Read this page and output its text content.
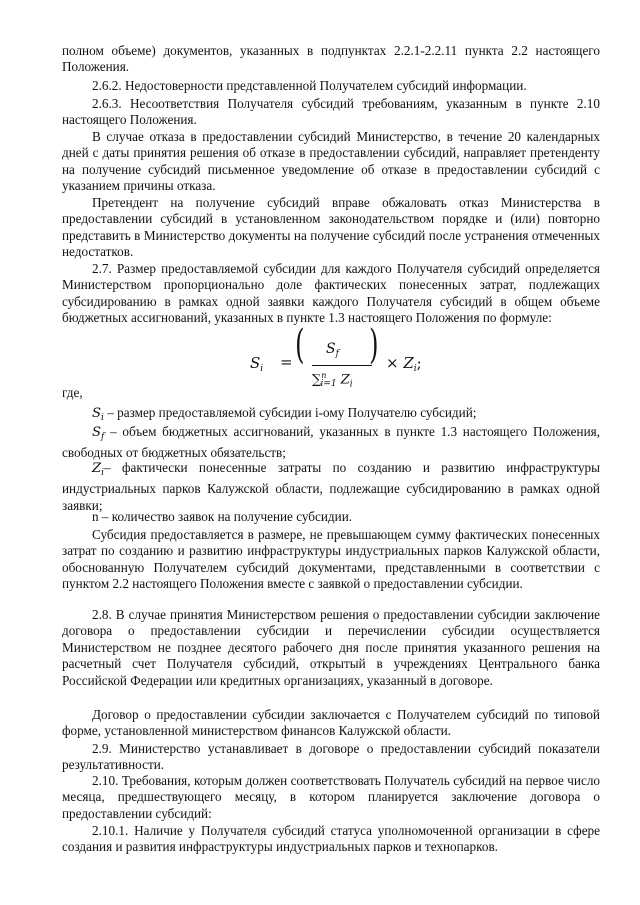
полном объеме) документов, указанных в подпунктах 2.2.1-2.2.11 пункта 2.2 настоящего Положения.

2.6.2. Недостоверности представленной Получателем субсидий информации.

2.6.3. Несоответствия Получателя субсидий требованиям, указанным в пункте 2.10 настоящего Положения.

В случае отказа в предоставлении субсидий Министерство, в течение 20 календарных дней с даты принятия решения об отказе в предоставлении субсидий, направляет претенденту на получение субсидий письменное уведомление об отказе в предоставлении субсидий с указанием причины отказа.

Претендент на получение субсидий вправе обжаловать отказ Министерства в предоставлении субсидий в установленном законодательством порядке и (или) повторно представить в Министерство документы на получение субсидий после устранения отмеченных недостатков.

2.7. Размер предоставляемой субсидии для каждого Получателя субсидий определяется Министерством пропорционально доле фактических понесенных затрат, подлежащих субсидированию в рамках одной заявки каждого Получателя субсидий в общем объеме бюджетных ассигнований, указанных в пункте 1.3 настоящего Положения по формуле:

$S_i$ = ( $S_f$
∑$^n_{i=1}$ $Z_i$
) × $Z_i$;

где,

$S_i$ – размер предоставляемой субсидии i-ому Получателю субсидий;

$S_f$ – объем бюджетных ассигнований, указанных в пункте 1.3 настоящего Положения, свободных от бюджетных обязательств;

$Z_i-$ фактически понесенные затраты по созданию и развитию инфраструктуры индустриальных парков Калужской области, подлежащие субсидированию в рамках одной заявки;

n – количество заявок на получение субсидии.

Субсидия предоставляется в размере, не превышающем сумму фактических понесенных затрат по созданию и развитию инфраструктуры индустриальных парков Калужской области, обоснованную Получателем субсидий документами, представленными в соответствии с пунктом 2.2 настоящего Положения вместе с заявкой о предоставлении субсидии.

2.8. В случае принятия Министерством решения о предоставлении субсидии заключение договора о предоставлении субсидии и перечислении субсидии осуществляется Министерством не позднее десятого рабочего дня после принятия указанного решения на расчетный счет Получателя субсидий, открытый в учреждениях Центрального банка Российской Федерации или кредитных организациях, указанный в договоре.

Договор о предоставлении субсидии заключается с Получателем субсидий по типовой форме, установленной министерством финансов Калужской области.

2.9. Министерство устанавливает в договоре о предоставлении субсидий показатели результативности.

2.10. Требования, которым должен соответствовать Получатель субсидий на первое число месяца, предшествующего месяцу, в котором планируется заключение договора о предоставлении субсидий:

2.10.1. Наличие у Получателя субсидий статуса уполномоченной организации в сфере создания и развития инфраструктуры индустриальных парков и технопарков.
